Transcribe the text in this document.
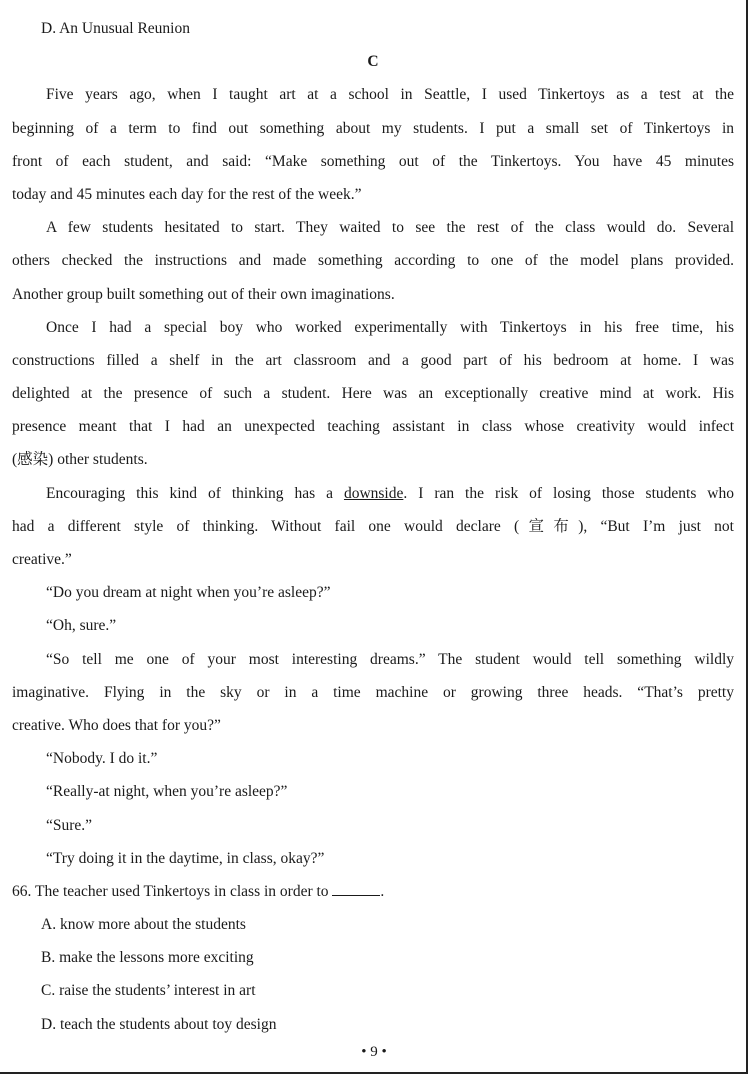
D. An Unusual Reunion
C
Five years ago, when I taught art at a school in Seattle, I used Tinkertoys as a test at the
beginning of a term to find out something about my students. I put a small set of Tinkertoys in
front of each student, and said: “Make something out of the Tinkertoys. You have 45 minutes
today and 45 minutes each day for the rest of the week.”
A few students hesitated to start. They waited to see the rest of the class would do. Several
others checked the instructions and made something according to one of the model plans provided.
Another group built something out of their own imaginations.
Once I had a special boy who worked experimentally with Tinkertoys in his free time, his
constructions filled a shelf in the art classroom and a good part of his bedroom at home. I was
delighted at the presence of such a student. Here was an exceptionally creative mind at work. His
presence meant that I had an unexpected teaching assistant in class whose creativity would infect
(感染) other students.
Encouraging this kind of thinking has a downside. I ran the risk of losing those students who
had a different style of thinking. Without fail one would declare (宣布), “But I’m just not
creative.”
“Do you dream at night when you’re asleep?”
“Oh, sure.”
“So tell me one of your most interesting dreams.” The student would tell something wildly
imaginative. Flying in the sky or in a time machine or growing three heads. “That’s pretty
creative. Who does that for you?”
“Nobody. I do it.”
“Really-at night, when you’re asleep?”
“Sure.”
“Try doing it in the daytime, in class, okay?”
66. The teacher used Tinkertoys in class in order to	.
A. know more about the students
B. make the lessons more exciting
C. raise the students’ interest in art
D. teach the students about toy design
• 9 •
